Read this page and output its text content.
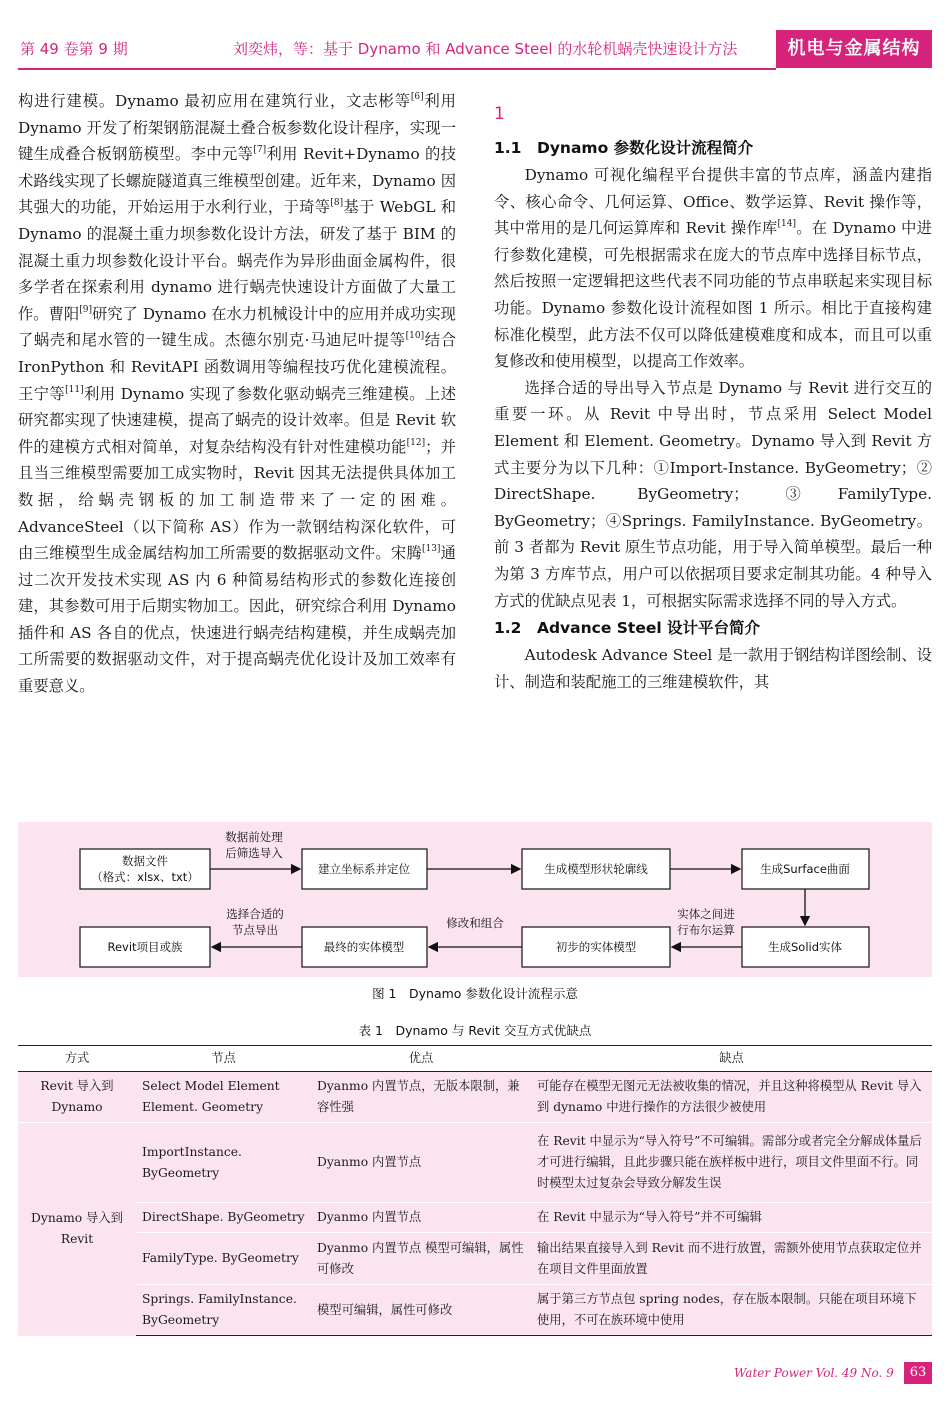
第 49 卷第 9 期	刘奕炜，等：基于 Dynamo 和 Advance Steel 的水轮机蜗壳快速设计方法	机电与金属结构

构进行建模。Dynamo 最初应用在建筑行业，文志彬等[6]利用 Dynamo 开发了桁架钢筋混凝土叠合板参数化设计程序，实现一键生成叠合板钢筋模型。李中元等[7]利用 Revit+Dynamo 的技术路线实现了长螺旋隧道真三维模型创建。近年来，Dynamo 因其强大的功能，开始运用于水利行业，于琦等[8]基于 WebGL 和 Dynamo 的混凝土重力坝参数化设计方法，研发了基于 BIM 的混凝土重力坝参数化设计平台。蜗壳作为异形曲面金属构件，很多学者在探索利用 dynamo 进行蜗壳快速设计方面做了大量工作。曹阳[9]研究了 Dynamo 在水力机械设计中的应用并成功实现了蜗壳和尾水管的一键生成。杰德尔别克·马迪尼叶提等[10]结合 IronPython 和 RevitAPI 函数调用等编程技巧优化建模流程。王宁等[11]利用 Dynamo 实现了参数化驱动蜗壳三维建模。上述研究都实现了快速建模，提高了蜗壳的设计效率。但是 Revit 软件的建模方式相对简单，对复杂结构没有针对性建模功能[12]；并且当三维模型需要加工成实物时，Revit 因其无法提供具体加工数据，给蜗壳钢板的加工制造带来了一定的困难。AdvanceSteel（以下简称 AS）作为一款钢结构深化软件，可由三维模型生成金属结构加工所需要的数据驱动文件。宋腾[13]通过二次开发技术实现 AS 内 6 种简易结构形式的参数化连接创建，其参数可用于后期实物加工。因此，研究综合利用 Dynamo 插件和 AS 各自的优点，快速进行蜗壳结构建模，并生成蜗壳加工所需要的数据驱动文件，对于提高蜗壳优化设计及加工效率有重要意义。

1

1.1　Dynamo 参数化设计流程简介

Dynamo 可视化编程平台提供丰富的节点库，涵盖内建指令、核心命令、几何运算、Office、数学运算、Revit 操作等，其中常用的是几何运算库和 Revit 操作库[14]。在 Dynamo 中进行参数化建模，可先根据需求在庞大的节点库中选择目标节点，然后按照一定逻辑把这些代表不同功能的节点串联起来实现目标功能。Dynamo 参数化设计流程如图 1 所示。相比于直接构建标准化模型，此方法不仅可以降低建模难度和成本，而且可以重复修改和使用模型，以提高工作效率。

选择合适的导出导入节点是 Dynamo 与 Revit 进行交互的重要一环。从 Revit 中导出时，节点采用 Select Model Element 和 Element. Geometry。Dynamo 导入到 Revit 方式主要分为以下几种：①Import-Instance. ByGeometry；② DirectShape. ByGeometry；③FamilyType. ByGeometry；④Springs. FamilyInstance. ByGeometry。前 3 者都为 Revit 原生节点功能，用于导入简单模型。最后一种为第 3 方库节点，用户可以依据项目要求定制其功能。4 种导入方式的优缺点见表 1，可根据实际需求选择不同的导入方式。

1.2　Advance Steel 设计平台简介

Autodesk Advance Steel 是一款用于钢结构详图绘制、设计、制造和装配施工的三维建模软件，其

数据文件
（格式：xlsx、txt）
建立坐标系并定位	生成模型形状轮廓线	生成Surface曲面
生成Solid实体
初步的实体模型
最终的实体模型
Revit项目或族
数据前处理
后筛选导入
实体之间进
行布尔运算
修改和组合
选择合适的
节点导出
图 1　Dynamo 参数化设计流程示意
表 1　Dynamo 与 Revit 交互方式优缺点
方式	节点	优点	缺点
Revit 导入到 Dynamo	Select Model Element Element. Geometry	Dyanmo 内置节点，无版本限制，兼容性强	可能存在模型无图元无法被收集的情况，并且这种将模型从 Revit 导入到 dynamo 中进行操作的方法很少被使用
Dynamo 导入到 Revit	ImportInstance. ByGeometry	Dyanmo 内置节点	在 Revit 中显示为“导入符号”不可编辑。需部分或者完全分解成体量后才可进行编辑，且此步骤只能在族样板中进行，项目文件里面不行。同时模型太过复杂会导致分解发生误
	DirectShape. ByGeometry	Dyanmo 内置节点	在 Revit 中显示为“导入符号”并不可编辑
	FamilyType. ByGeometry	Dyanmo 内置节点 模型可编辑，属性可修改	输出结果直接导入到 Revit 而不进行放置，需额外使用节点获取定位并在项目文件里面放置
	Springs. FamilyInstance. ByGeometry	模型可编辑，属性可修改	属于第三方节点包 spring nodes，存在版本限制。只能在项目环境下使用，不可在族环境中使用
Water Power Vol. 49 No. 9	63
